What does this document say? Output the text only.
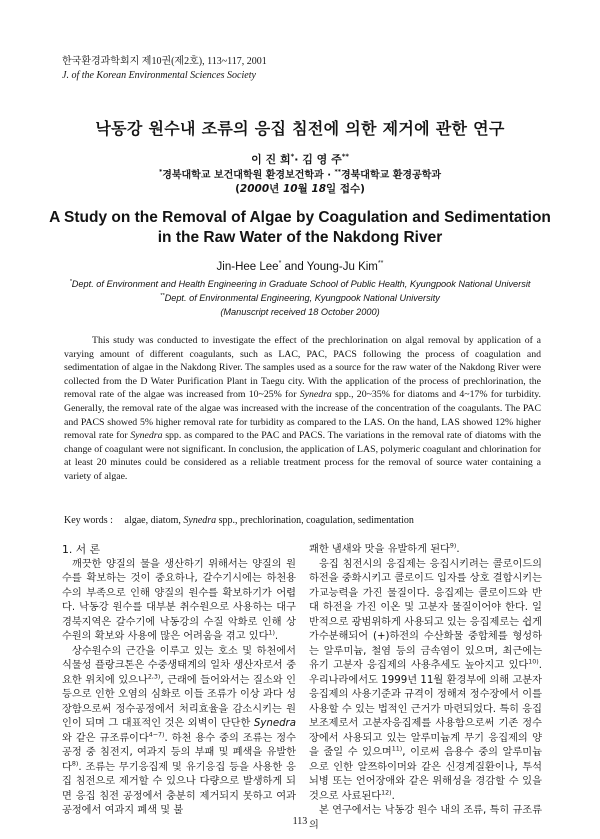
한국환경과학회지 제10권(제2호), 113~117, 2001
J. of the Korean Environmental Sciences Society
낙동강 원수내 조류의 응집 침전에 의한 제거에 관한 연구
이 진 희*· 김 영 주**
*경북대학교 보건대학원 환경보건학과 · **경북대학교 환경공학과
(2000년 10월 18일 접수)
A Study on the Removal of Algae by Coagulation and Sedimentation
in the Raw Water of the Nakdong River
Jin-Hee Lee* and Young-Ju Kim**
*Dept. of Environment and Health Engineering in Graduate School of Public Health, Kyungpook National Universit
**Dept. of Environmental Engineering, Kyungpook National University
(Manuscript received 18 October 2000)
This study was conducted to investigate the effect of the prechlorination on algal removal by application of a varying amount of different coagulants, such as LAC, PAC, PACS following the process of coagulation and sedimentation of algae in the Nakdong River. The samples used as a source for the raw water of the Nakdong River were collected from the D Water Purification Plant in Taegu city. With the application of the process of prechlorination, the removal rate of the algae was increased from 10~25% for Synedra spp., 20~35% for diatoms and 4~17% for turbidity. Generally, the removal rate of the algae was increased with the increase of the concentration of the coagulants. The PAC and PACS showed 5% higher removal rate for turbidity as compared to the LAS. On the hand, LAS showed 12% higher removal rate for Synedra spp. as compared to the PAC and PACS. The variations in the removal rate of diatoms with the change of coagulant were not significant. In conclusion, the application of LAS, polymeric coagulant and chlorination for at least 20 minutes could be considered as a reliable treatment process for the removal of source water containing a variety of algae.
Key words : algae, diatom, Synedra spp., prechlorination, coagulation, sedimentation
1. 서 론

깨끗한 양질의 물을 생산하기 위해서는 양질의 원수를 확보하는 것이 중요하나, 갈수기시에는 하천용수의 부족으로 인해 양질의 원수를 확보하기가 어렵다. 낙동강 원수를 대부분 취수원으로 사용하는 대구 경북지역은 갈수기에 낙동강의 수질 악화로 인해 상수원의 확보와 사용에 많은 어려움을 겪고 있다$^{1)}$.

상수원수의 근간을 이루고 있는 호소 및 하천에서 식물성 플랑크톤은 수중생태계의 일차 생산자로서 중요한 위치에 있으나$^{2,3)}$, 근래에 들어와서는 질소와 인 등으로 인한 오염의 심화로 이들 조류가 이상 과다 성장함으로써 정수공정에서 처리효율을 감소시키는 원인이 되며 그 대표적인 것은 외벽이 단단한 Synedra와 같은 규조류이다$^{4\sim 7)}$. 하천 용수 중의 조류는 정수공정 중 침전지, 여과지 등의 부패 및 폐색을 유발한다$^{8)}$. 조류는 무기응집제 및 유기응집 등을 사용한 응집 침전으로 제거할 수 있으나 다량으로 발생하게 되면 응집 침전 공정에서 충분히 제거되지 못하고 여과 공정에서 여과지 폐색 및 불

쾌한 냄새와 맛을 유발하게 된다$^{9)}$.

응집 침전시의 응집제는 응집시키려는 콜로이드의 하전을 중화시키고 콜로이드 입자를 상호 결합시키는 가교능력을 가진 물질이다. 응집제는 콜로이드와 반대 하전을 가진 이온 및 고분자 물질이어야 한다. 일반적으로 광범위하게 사용되고 있는 응집제로는 쉽게 가수분해되어 (+)하전의 수산화물 중합체를 형성하는 알루미늄, 철염 등의 금속염이 있으며, 최근에는 유기 고분자 응집제의 사용추세도 높아지고 있다$^{10)}$. 우리나라에서도 1999년 11월 환경부에 의해 고분자응집제의 사용기준과 규격이 정해져 정수장에서 이를 사용할 수 있는 법적인 근거가 마련되었다. 특히 응집보조제로서 고분자응집제를 사용함으로써 기존 정수장에서 사용되고 있는 알루미늄계 무기 응집제의 양을 줄일 수 있으며$^{11)}$, 이로써 음용수 중의 알루미늄으로 인한 알쯔하이머와 같은 신경계질환이나, 투석뇌병 또는 언어장애와 같은 위해성을 경감할 수 있을 것으로 사료된다$^{12)}$.

본 연구에서는 낙동강 원수 내의 조류, 특히 규조류의

113
